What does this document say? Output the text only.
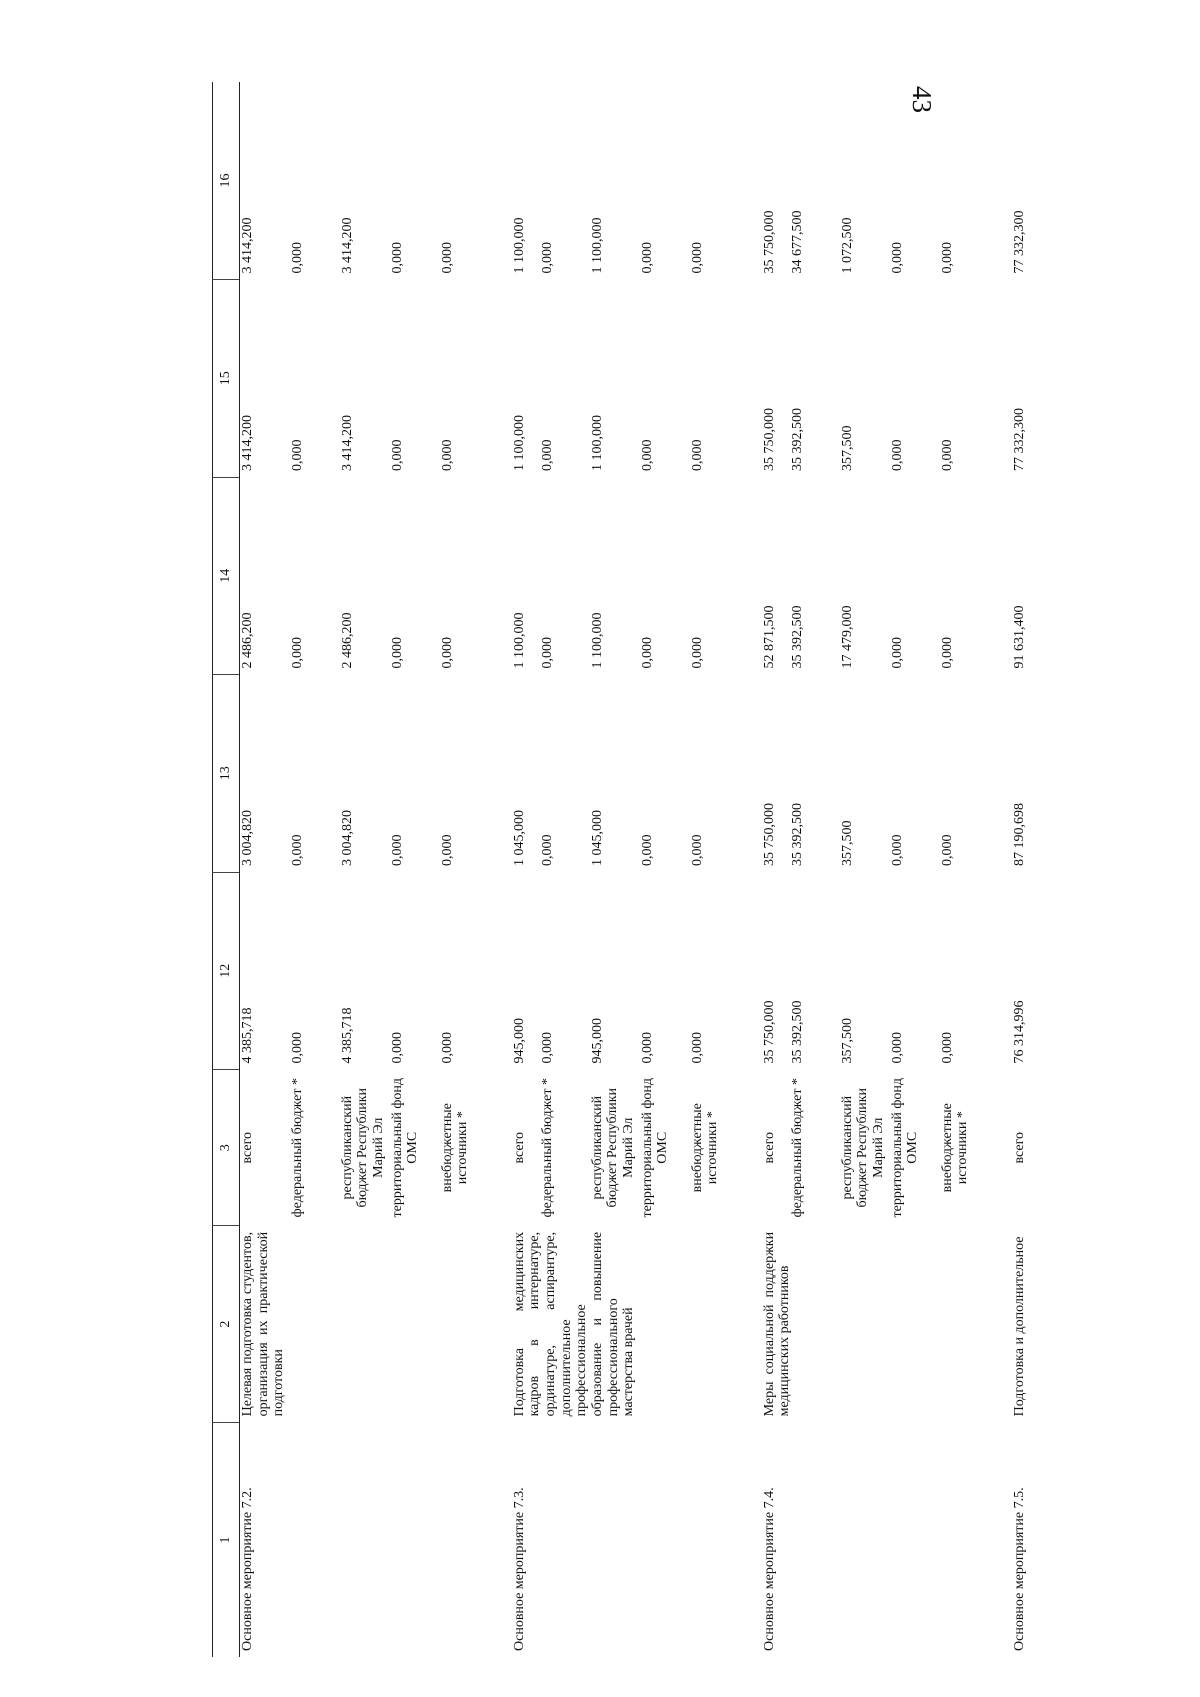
43
1	2	3	12	13	14	15	16
Основное мероприятие 7.2.	Целевая подготовка студентов, организация их практической подготовки	всего	4 385,718	3 004,820	2 486,200	3 414,200	3 414,200
		федеральный бюджет *	0,000	0,000	0,000	0,000	0,000
		республиканский бюджет Республики Марий Эл	4 385,718	3 004,820	2 486,200	3 414,200	3 414,200
		территориальный фонд ОМС	0,000	0,000	0,000	0,000	0,000
		внебюджетные источники *	0,000	0,000	0,000	0,000	0,000
Основное мероприятие 7.3.	Подготовка медицинских кадров в интернатуре, ординатуре, аспирантуре, дополнительное профессиональное образование и повышение профессионального мастерства врачей	всего	945,000	1 045,000	1 100,000	1 100,000	1 100,000
		федеральный бюджет *	0,000	0,000	0,000	0,000	0,000
		республиканский бюджет Республики Марий Эл	945,000	1 045,000	1 100,000	1 100,000	1 100,000
		территориальный фонд ОМС	0,000	0,000	0,000	0,000	0,000
		внебюджетные источники *	0,000	0,000	0,000	0,000	0,000
Основное мероприятие 7.4.	Меры социальной поддержки медицинских работников	всего	35 750,000	35 750,000	52 871,500	35 750,000	35 750,000
		федеральный бюджет *	35 392,500	35 392,500	35 392,500	35 392,500	34 677,500
		республиканский бюджет Республики Марий Эл	357,500	357,500	17 479,000	357,500	1 072,500
		территориальный фонд ОМС	0,000	0,000	0,000	0,000	0,000
		внебюджетные источники *	0,000	0,000	0,000	0,000	0,000
Основное мероприятие 7.5.	Подготовка и дополнительное	всего	76 314,996	87 190,698	91 631,400	77 332,300	77 332,300
